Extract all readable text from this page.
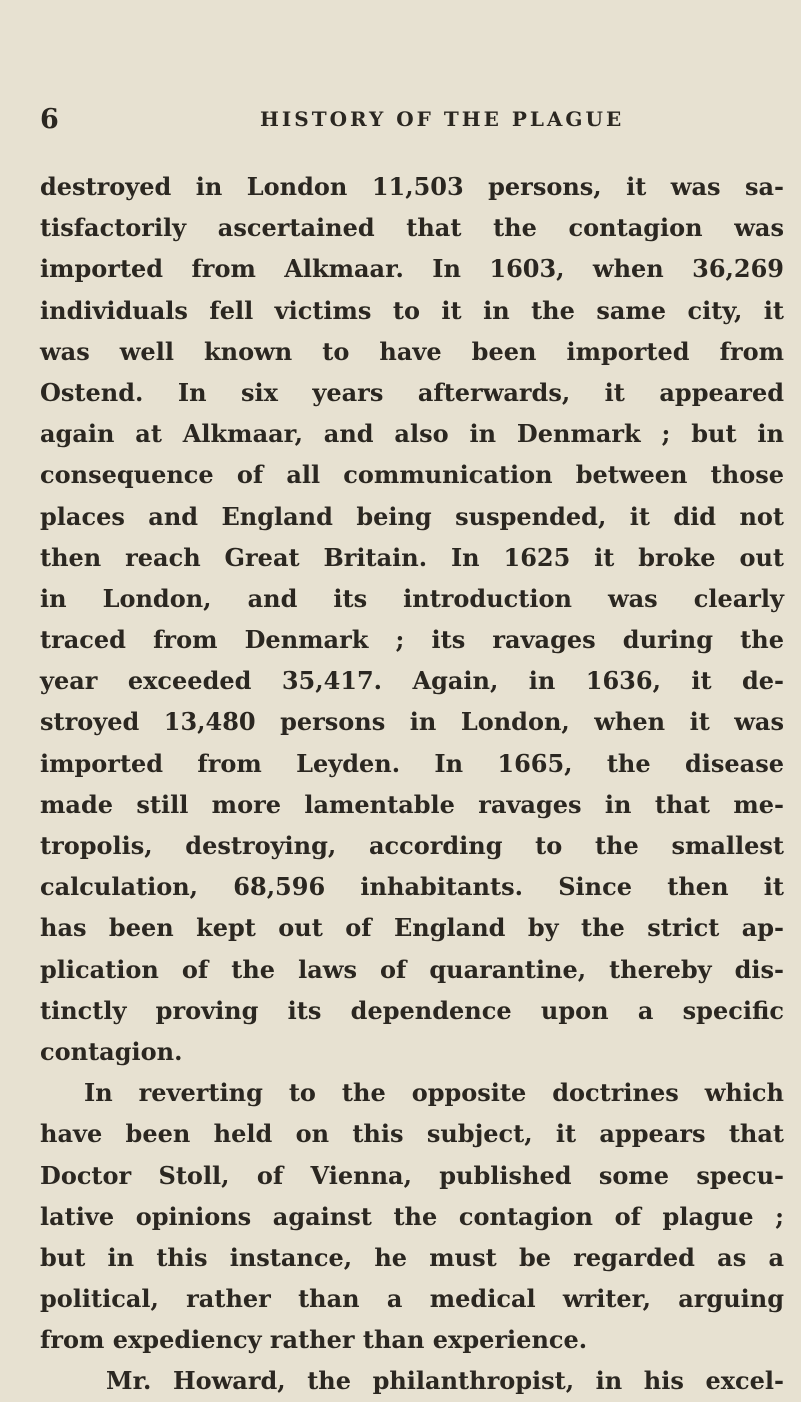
6	HISTORY OF THE PLAGUE
destroyed in London 11,503 persons, it was sa-
tisfactorily ascertained that the contagion was
imported from Alkmaar. In 1603, when 36,269
individuals fell victims to it in the same city, it
was well known to have been imported from
Ostend. In six years afterwards, it appeared
again at Alkmaar, and also in Denmark ; but in
consequence of all communication between those
places and England being suspended, it did not
then reach Great Britain. In 1625 it broke out
in London, and its introduction was clearly
traced from Denmark ; its ravages during the
year exceeded 35,417. Again, in 1636, it de-
stroyed 13,480 persons in London, when it was
imported from Leyden. In 1665, the disease
made still more lamentable ravages in that me-
tropolis, destroying, according to the smallest
calculation, 68,596 inhabitants. Since then it
has been kept out of England by the strict ap-
plication of the laws of quarantine, thereby dis-
tinctly proving its dependence upon a specific
contagion.
In reverting to the opposite doctrines which
have been held on this subject, it appears that
Doctor Stoll, of Vienna, published some specu-
lative opinions against the contagion of plague ;
but in this instance, he must be regarded as a
political, rather than a medical writer, arguing
from expediency rather than experience.
Mr. Howard, the philanthropist, in his excel-
